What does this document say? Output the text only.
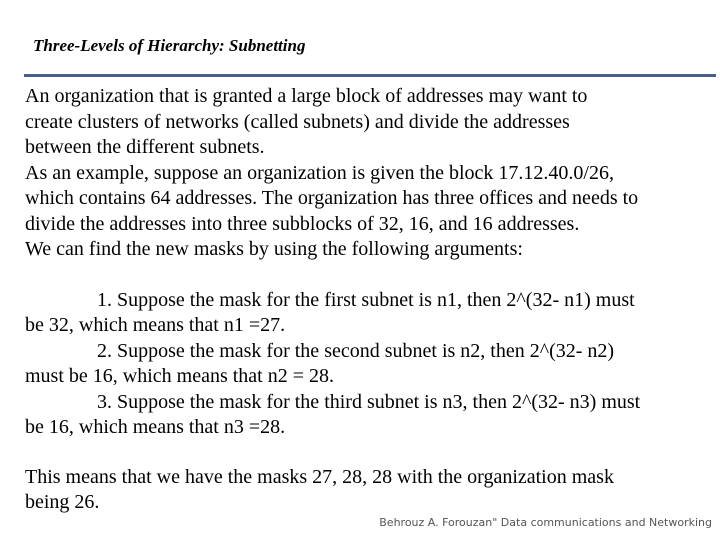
Three-Levels of Hierarchy: Subnetting
An organization that is granted a large block of addresses may want to
create clusters of networks (called subnets) and divide the addresses
between the different subnets.
As an example, suppose an organization is given the block 17.12.40.0/26,
which contains 64 addresses. The organization has three offices and needs to
divide the addresses into three subblocks of 32, 16, and 16 addresses.
We can find the new masks by using the following arguments:
1. Suppose the mask for the first subnet is n1, then 2^(32- n1) must
be 32, which means that n1 =27.
2. Suppose the mask for the second subnet is n2, then 2^(32- n2)
must be 16, which means that n2 = 28.
3. Suppose the mask for the third subnet is n3, then 2^(32- n3) must
be 16, which means that n3 =28.
This means that we have the masks 27, 28, 28 with the organization mask
being 26.
Behrouz A. Forouzan" Data communications and Networking
